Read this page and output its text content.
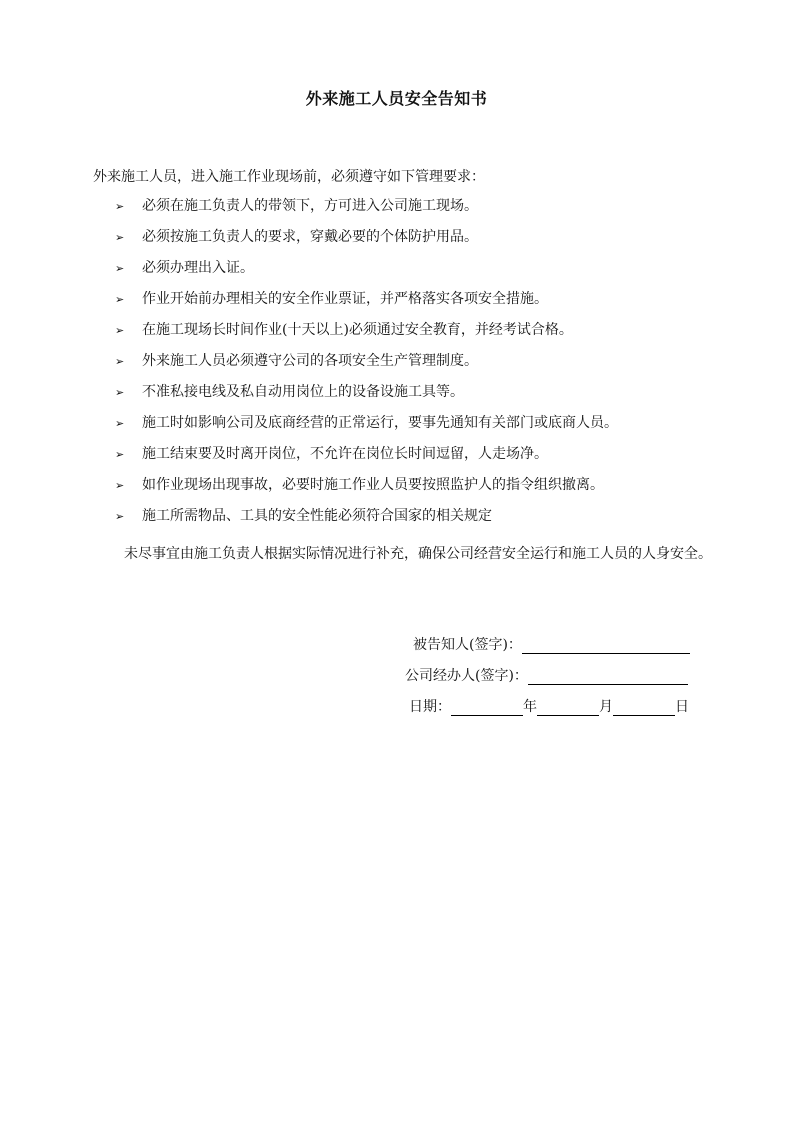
外来施工人员安全告知书
外来施工人员，进入施工作业现场前，必须遵守如下管理要求：
➢	必须在施工负责人的带领下，方可进入公司施工现场。
➢	必须按施工负责人的要求，穿戴必要的个体防护用品。
➢	必须办理出入证。
➢	作业开始前办理相关的安全作业票证，并严格落实各项安全措施。
➢	在施工现场长时间作业(十天以上)必须通过安全教育，并经考试合格。
➢	外来施工人员必须遵守公司的各项安全生产管理制度。
➢	不准私接电线及私自动用岗位上的设备设施工具等。
➢	施工时如影响公司及底商经营的正常运行，要事先通知有关部门或底商人员。
➢	施工结束要及时离开岗位，不允许在岗位长时间逗留，人走场净。
➢	如作业现场出现事故，必要时施工作业人员要按照监护人的指令组织撤离。
➢	施工所需物品、工具的安全性能必须符合国家的相关规定
未尽事宜由施工负责人根据实际情况进行补充，确保公司经营安全运行和施工人员的人身安全。
被告知人(签字)：
公司经办人(签字)：
日期：	年	月	日
